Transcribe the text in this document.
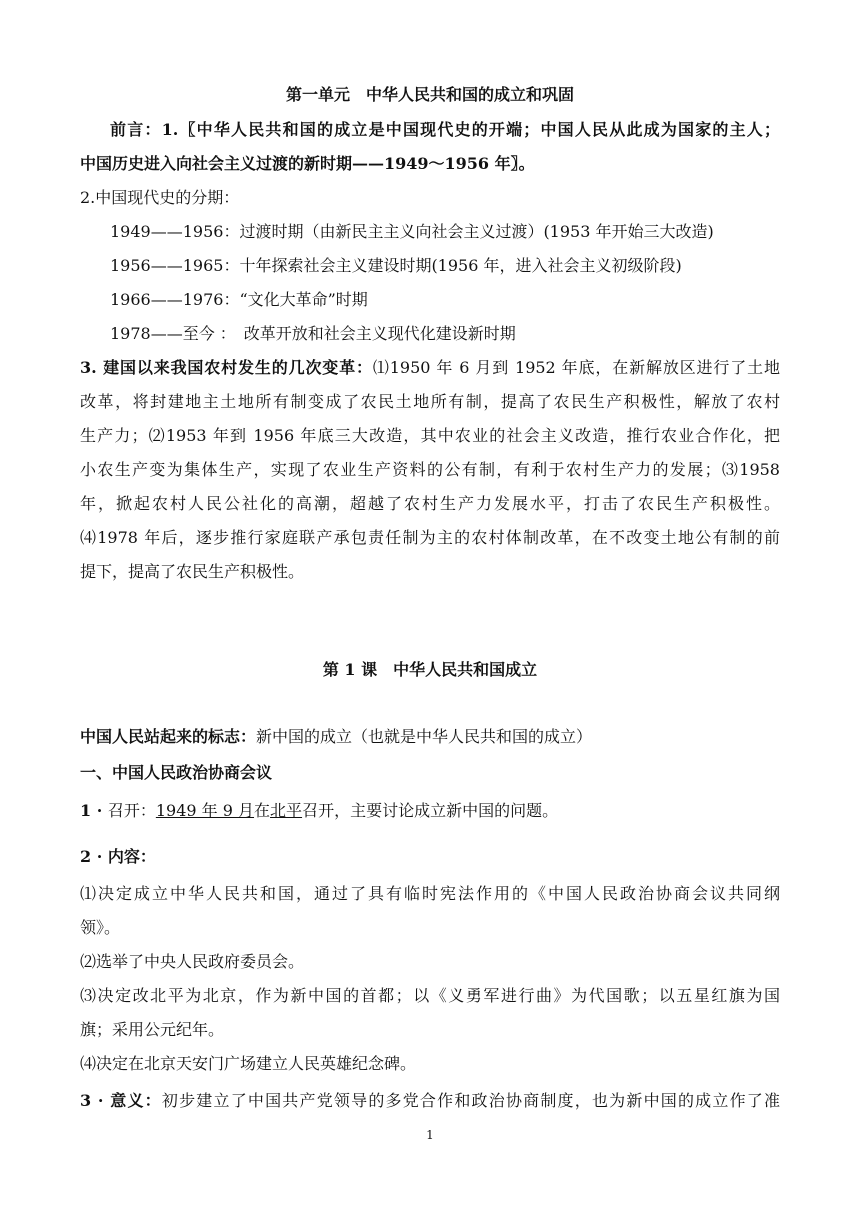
第一单元　中华人民共和国的成立和巩固
前言：1.〖中华人民共和国的成立是中国现代史的开端；中国人民从此成为国家的主人；
中国历史进入向社会主义过渡的新时期——1949～1956 年〗。
2.中国现代史的分期：
1949——1956：过渡时期（由新民主主义向社会主义过渡）(1953 年开始三大改造)
1956——1965：十年探索社会主义建设时期(1956 年，进入社会主义初级阶段)
1966——1976：“文化大革命”时期
1978——至今 ：　改革开放和社会主义现代化建设新时期
3. 建国以来我国农村发生的几次变革：⑴1950 年 6 月到 1952 年底，在新解放区进行了土地
改革，将封建地主土地所有制变成了农民土地所有制，提高了农民生产积极性，解放了农村
生产力；⑵1953 年到 1956 年底三大改造，其中农业的社会主义改造，推行农业合作化，把
小农生产变为集体生产，实现了农业生产资料的公有制，有利于农村生产力的发展；⑶1958
年，掀起农村人民公社化的高潮，超越了农村生产力发展水平，打击了农民生产积极性。
⑷1978 年后，逐步推行家庭联产承包责任制为主的农村体制改革，在不改变土地公有制的前
提下，提高了农民生产积极性。
第 1 课　中华人民共和国成立
中国人民站起来的标志：新中国的成立（也就是中华人民共和国的成立）
一、中国人民政治协商会议
1 · 召开：1949 年 9 月在北平召开，主要讨论成立新中国的问题。
2 · 内容：
⑴决定成立中华人民共和国，通过了具有临时宪法作用的《中国人民政治协商会议共同纲
领》。
⑵选举了中央人民政府委员会。
⑶决定改北平为北京，作为新中国的首都；以《义勇军进行曲》为代国歌；以五星红旗为国
旗；采用公元纪年。
⑷决定在北京天安门广场建立人民英雄纪念碑。
3 · 意义：初步建立了中国共产党领导的多党合作和政治协商制度，也为新中国的成立作了准
1
